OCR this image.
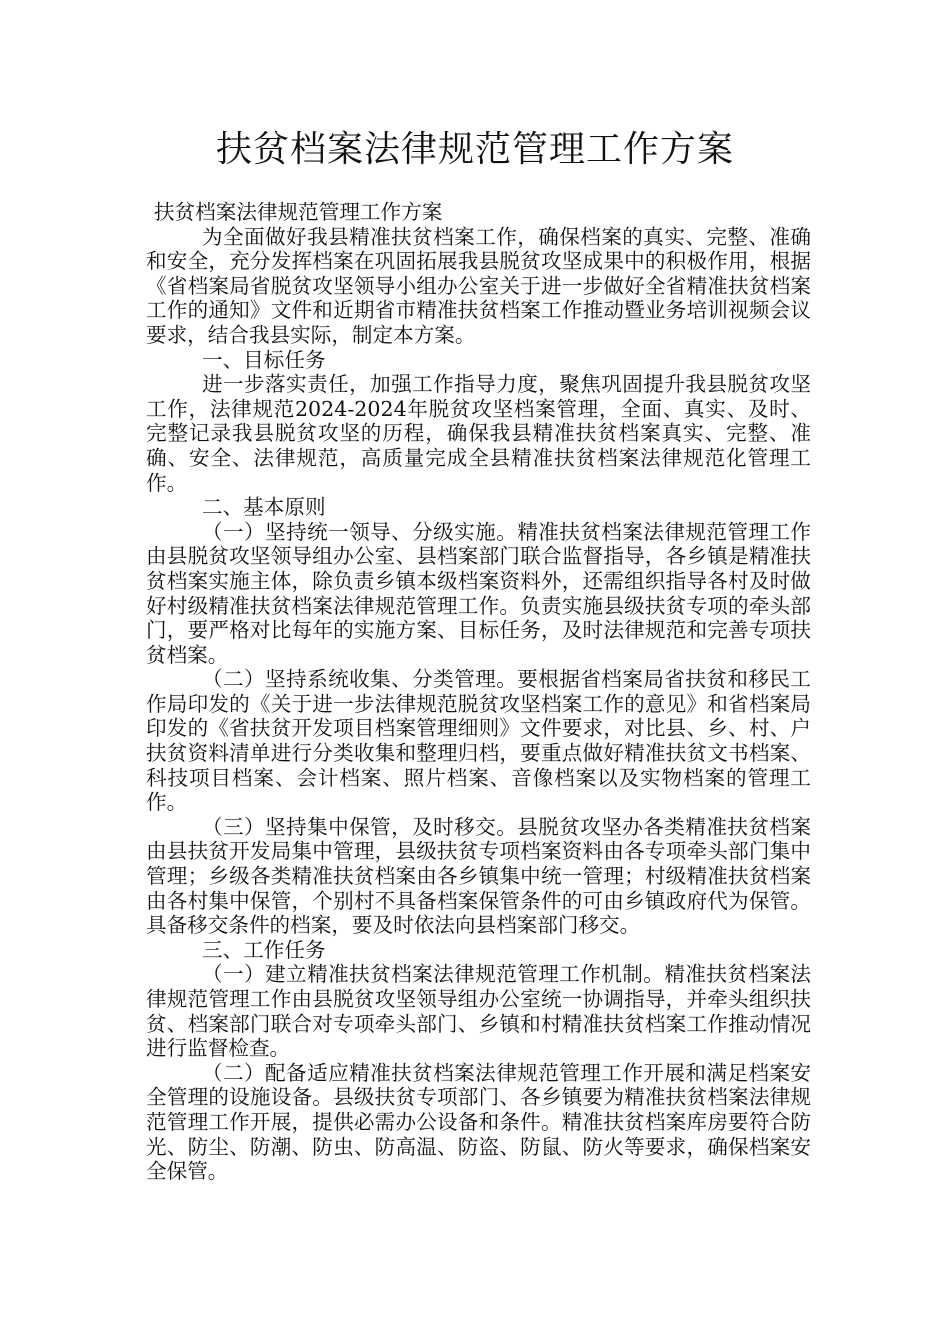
扶贫档案法律规范管理工作方案

扶贫档案法律规范管理工作方案

为全面做好我县精准扶贫档案工作，确保档案的真实、完整、准确和安全，充分发挥档案在巩固拓展我县脱贫攻坚成果中的积极作用，根据《省档案局省脱贫攻坚领导小组办公室关于进一步做好全省精准扶贫档案工作的通知》文件和近期省市精准扶贫档案工作推动暨业务培训视频会议要求，结合我县实际，制定本方案。

一、目标任务

进一步落实责任，加强工作指导力度，聚焦巩固提升我县脱贫攻坚工作，法律规范2024-2024年脱贫攻坚档案管理，全面、真实、及时、完整记录我县脱贫攻坚的历程，确保我县精准扶贫档案真实、完整、准确、安全、法律规范，高质量完成全县精准扶贫档案法律规范化管理工作。

二、基本原则

（一）坚持统一领导、分级实施。精准扶贫档案法律规范管理工作由县脱贫攻坚领导组办公室、县档案部门联合监督指导，各乡镇是精准扶贫档案实施主体，除负责乡镇本级档案资料外，还需组织指导各村及时做好村级精准扶贫档案法律规范管理工作。负责实施县级扶贫专项的牵头部门，要严格对比每年的实施方案、目标任务，及时法律规范和完善专项扶贫档案。

（二）坚持系统收集、分类管理。要根据省档案局省扶贫和移民工作局印发的《关于进一步法律规范脱贫攻坚档案工作的意见》和省档案局印发的《省扶贫开发项目档案管理细则》文件要求，对比县、乡、村、户扶贫资料清单进行分类收集和整理归档，要重点做好精准扶贫文书档案、科技项目档案、会计档案、照片档案、音像档案以及实物档案的管理工作。

（三）坚持集中保管，及时移交。县脱贫攻坚办各类精准扶贫档案由县扶贫开发局集中管理，县级扶贫专项档案资料由各专项牵头部门集中管理；乡级各类精准扶贫档案由各乡镇集中统一管理；村级精准扶贫档案由各村集中保管，个别村不具备档案保管条件的可由乡镇政府代为保管。具备移交条件的档案，要及时依法向县档案部门移交。

三、工作任务

（一）建立精准扶贫档案法律规范管理工作机制。精准扶贫档案法律规范管理工作由县脱贫攻坚领导组办公室统一协调指导，并牵头组织扶贫、档案部门联合对专项牵头部门、乡镇和村精准扶贫档案工作推动情况进行监督检查。

（二）配备适应精准扶贫档案法律规范管理工作开展和满足档案安全管理的设施设备。县级扶贫专项部门、各乡镇要为精准扶贫档案法律规范管理工作开展，提供必需办公设备和条件。精准扶贫档案库房要符合防光、防尘、防潮、防虫、防高温、防盗、防鼠、防火等要求，确保档案安全保管。
